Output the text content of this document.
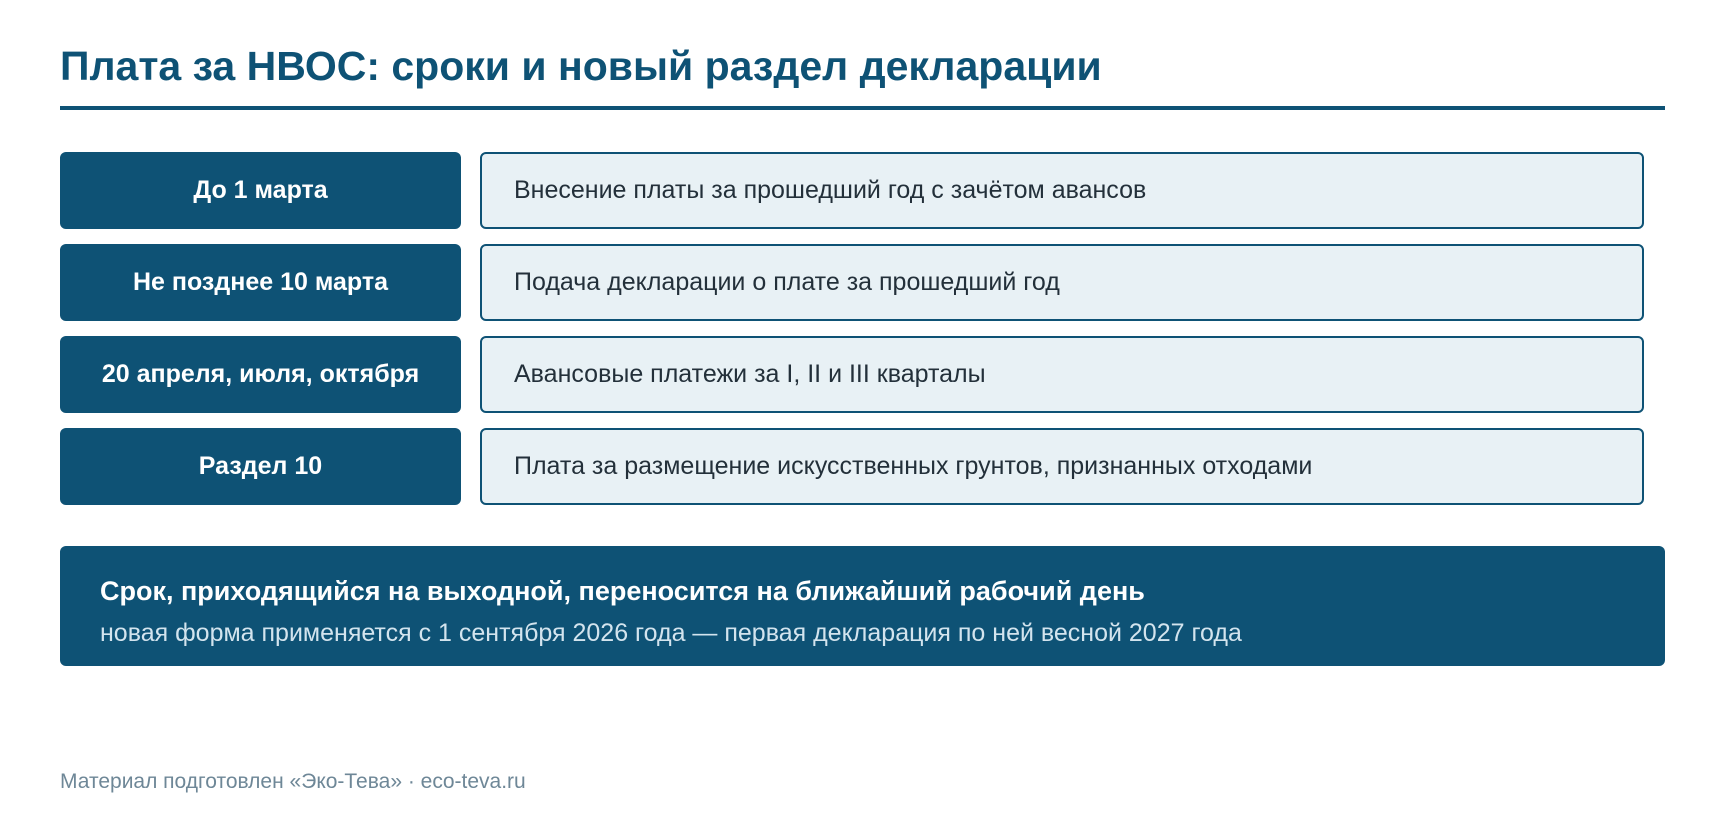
Плата за НВОС: сроки и новый раздел декларации
До 1 марта	Внесение платы за прошедший год с зачётом авансов
Не позднее 10 марта	Подача декларации о плате за прошедший год
20 апреля, июля, октября	Авансовые платежи за I, II и III кварталы
Раздел 10	Плата за размещение искусственных грунтов, признанных отходами
Срок, приходящийся на выходной, переносится на ближайший рабочий день
новая форма применяется с 1 сентября 2026 года — первая декларация по ней весной 2027 года
Материал подготовлен «Эко-Тева» · eco-teva.ru
